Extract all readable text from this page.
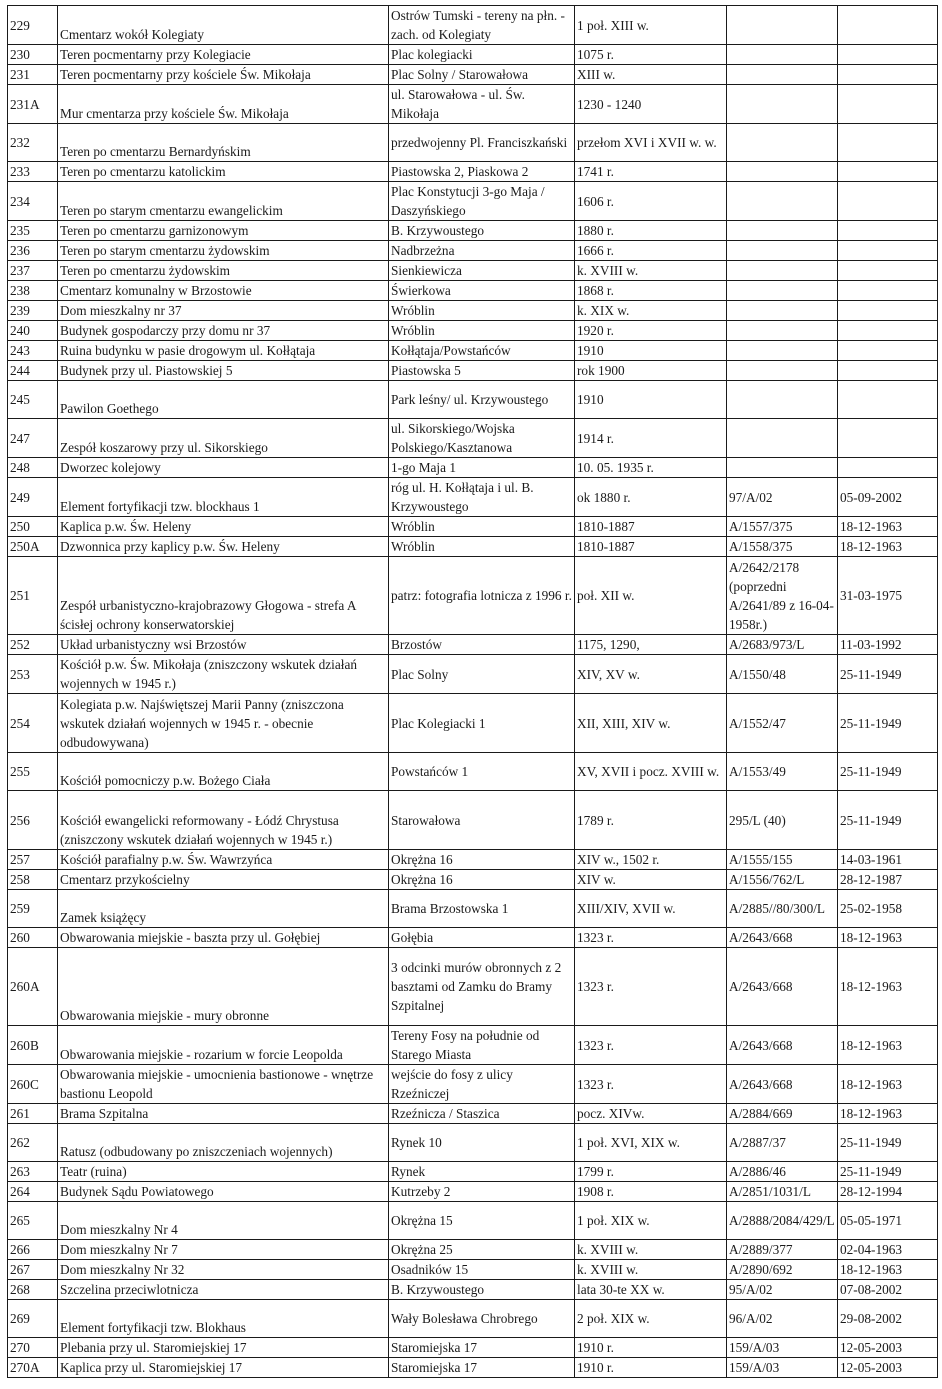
229	Cmentarz wokół Kolegiaty	Ostrów Tumski - tereny na płn. - zach. od Kolegiaty	1 poł. XIII w.		
230	Teren pocmentarny przy Kolegiacie	Plac kolegiacki	1075 r.		
231	Teren pocmentarny przy kościele Św. Mikołaja	Plac Solny / Starowałowa	XIII w.		
231A	Mur cmentarza przy kościele Św. Mikołaja	ul. Starowałowa - ul. Św. Mikołaja	1230 - 1240		
232	Teren po cmentarzu Bernardyńskim	przedwojenny Pl. Franciszkański	przełom XVI i XVII w. w.		
233	Teren po cmentarzu katolickim	Piastowska 2, Piaskowa 2	1741 r.		
234	Teren po starym cmentarzu ewangelickim	Plac Konstytucji 3-go Maja / Daszyńskiego	1606 r.		
235	Teren po cmentarzu garnizonowym	B. Krzywoustego	1880 r.		
236	Teren po starym cmentarzu żydowskim	Nadbrzeżna	1666 r.		
237	Teren po cmentarzu żydowskim	Sienkiewicza	k. XVIII w.		
238	Cmentarz komunalny w Brzostowie	Świerkowa	1868 r.		
239	Dom mieszkalny nr 37	Wróblin	k. XIX w.		
240	Budynek gospodarczy przy domu nr 37	Wróblin	1920 r.		
243	Ruina budynku w pasie drogowym ul. Kołłątaja	Kołłątaja/Powstańców	1910		
244	Budynek przy ul. Piastowskiej 5	Piastowska 5	rok 1900		
245	Pawilon Goethego	Park leśny/ ul. Krzywoustego	1910		
247	Zespół koszarowy przy ul. Sikorskiego	ul. Sikorskiego/Wojska Polskiego/Kasztanowa	1914 r.		
248	Dworzec kolejowy	1-go Maja 1	10. 05. 1935 r.		
249	Element fortyfikacji tzw. blockhaus 1	róg ul. H. Kołłątaja i ul. B. Krzywoustego	ok 1880 r.	97/A/02	05-09-2002
250	Kaplica p.w. Św. Heleny	Wróblin	1810-1887	A/1557/375	18-12-1963
250A	Dzwonnica przy kaplicy p.w. Św. Heleny	Wróblin	1810-1887	A/1558/375	18-12-1963
251	Zespół urbanistyczno-krajobrazowy Głogowa - strefa A ścisłej ochrony konserwatorskiej	patrz: fotografia lotnicza z 1996 r.	poł. XII w.	A/2642/2178 (poprzedni A/2641/89 z 16-04-1958r.)	31-03-1975
252	Układ urbanistyczny wsi Brzostów	Brzostów	1175, 1290,	A/2683/973/L	11-03-1992
253	Kościół p.w. Św. Mikołaja (zniszczony wskutek działań wojennych w 1945 r.)	Plac Solny	XIV, XV w.	A/1550/48	25-11-1949
254	Kolegiata p.w. Najświętszej Marii Panny (zniszczona wskutek działań wojennych w 1945 r. - obecnie odbudowywana)	Plac Kolegiacki 1	XII, XIII, XIV w.	A/1552/47	25-11-1949
255	Kościół pomocniczy p.w. Bożego Ciała	Powstańców 1	XV, XVII i pocz. XVIII w.	A/1553/49	25-11-1949
256	Kościół ewangelicki reformowany - Łódź Chrystusa (zniszczony wskutek działań wojennych w 1945 r.)	Starowałowa	1789 r.	295/L (40)	25-11-1949
257	Kościół parafialny p.w. Św. Wawrzyńca	Okrężna 16	XIV w., 1502 r.	A/1555/155	14-03-1961
258	Cmentarz przykościelny	Okrężna 16	XIV w.	A/1556/762/L	28-12-1987
259	Zamek książęcy	Brama Brzostowska 1	XIII/XIV, XVII w.	A/2885//80/300/L	25-02-1958
260	Obwarowania miejskie - baszta przy ul. Gołębiej	Gołębia	1323 r.	A/2643/668	18-12-1963
260A	Obwarowania miejskie - mury obronne	3 odcinki murów obronnych z 2 basztami od Zamku do Bramy Szpitalnej	1323 r.	A/2643/668	18-12-1963
260B	Obwarowania miejskie - rozarium w forcie Leopolda	Tereny Fosy na południe od Starego Miasta	1323 r.	A/2643/668	18-12-1963
260C	Obwarowania miejskie - umocnienia bastionowe - wnętrze bastionu Leopold	wejście do fosy z ulicy Rzeźniczej	1323 r.	A/2643/668	18-12-1963
261	Brama Szpitalna	Rzeźnicza / Staszica	pocz. XIVw.	A/2884/669	18-12-1963
262	Ratusz (odbudowany po zniszczeniach wojennych)	Rynek 10	1 poł. XVI, XIX w.	A/2887/37	25-11-1949
263	Teatr (ruina)	Rynek	1799 r.	A/2886/46	25-11-1949
264	Budynek Sądu Powiatowego	Kutrzeby 2	1908 r.	A/2851/1031/L	28-12-1994
265	Dom mieszkalny Nr 4	Okrężna 15	1 poł. XIX w.	A/2888/2084/429/L	05-05-1971
266	Dom mieszkalny Nr 7	Okrężna 25	k. XVIII w.	A/2889/377	02-04-1963
267	Dom mieszkalny Nr 32	Osadników 15	k. XVIII w.	A/2890/692	18-12-1963
268	Szczelina przeciwlotnicza	B. Krzywoustego	lata 30-te XX w.	95/A/02	07-08-2002
269	Element fortyfikacji tzw. Blokhaus	Wały Bolesława Chrobrego	2 poł. XIX w.	96/A/02	29-08-2002
270	Plebania przy ul. Staromiejskiej 17	Staromiejska 17	1910 r.	159/A/03	12-05-2003
270A	Kaplica przy ul. Staromiejskiej 17	Staromiejska 17	1910 r.	159/A/03	12-05-2003
